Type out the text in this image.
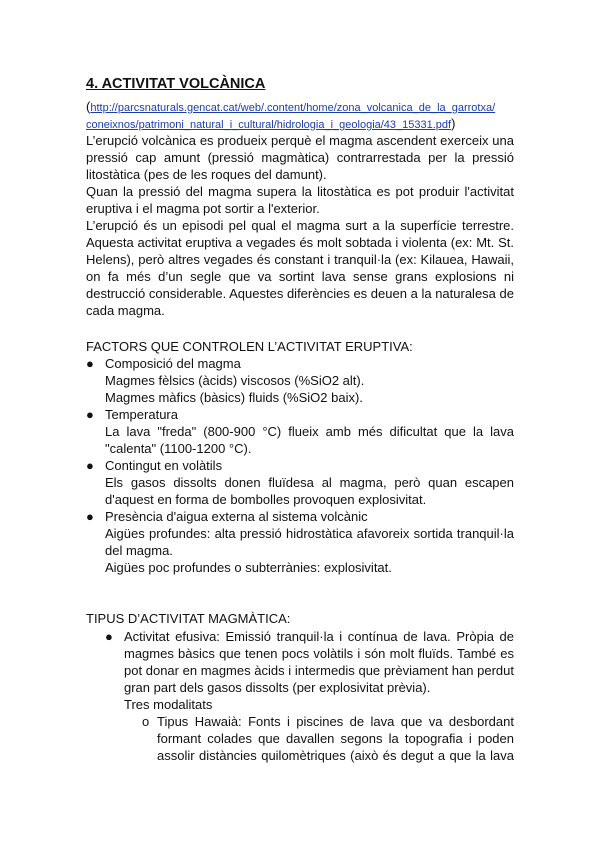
4. ACTIVITAT VOLCÀNICA
(http://parcsnaturals.gencat.cat/web/.content/home/zona_volcanica_de_la_garrotxa/
coneixnos/patrimoni_natural_i_cultural/hidrologia_i_geologia/43_15331.pdf)
L’erupció volcànica es produeix perquè el magma ascendent exerceix una
pressió cap amunt (pressió magmàtica) contrarrestada per la pressió
litostàtica (pes de les roques del damunt).
Quan la pressió del magma supera la litostàtica es pot produir l'activitat
eruptiva i el magma pot sortir a l'exterior.
L’erupció és un episodi pel qual el magma surt a la superfície terrestre.
Aquesta activitat eruptiva a vegades és molt sobtada i violenta (ex: Mt. St.
Helens), però altres vegades és constant i tranquil·la (ex: Kilauea, Hawaii,
on fa més d’un segle que va sortint lava sense grans explosions ni
destrucció considerable. Aquestes diferències es deuen a la naturalesa de
cada magma.
FACTORS QUE CONTROLEN L’ACTIVITAT ERUPTIVA:
● Composició del magma
Magmes fèlsics (àcids) viscosos (%SiO2 alt).
Magmes màfics (bàsics) fluids (%SiO2 baix).
● Temperatura
La lava "freda" (800-900 °C) flueix amb més dificultat que la lava
"calenta" (1100-1200 °C).
● Contingut en volàtils
Els gasos dissolts donen fluïdesa al magma, però quan escapen
d'aquest en forma de bombolles provoquen explosivitat.
● Presència d'aigua externa al sistema volcànic
Aigües profundes: alta pressió hidrostàtica afavoreix sortida tranquil·la
del magma.
Aigües poc profundes o subterrànies: explosivitat.
TIPUS D’ACTIVITAT MAGMÀTICA:
● Activitat efusiva: Emissió tranquil·la i contínua de lava. Pròpia de
magmes bàsics que tenen pocs volàtils i són molt fluïds. També es
pot donar en magmes àcids i intermedis que prèviament han perdut
gran part dels gasos dissolts (per explosivitat prèvia).
Tres modalitats
o Tipus Hawaià: Fonts i piscines de lava que va desbordant
formant colades que davallen segons la topografia i poden
assolir distàncies quilomètriques (això és degut a que la lava
